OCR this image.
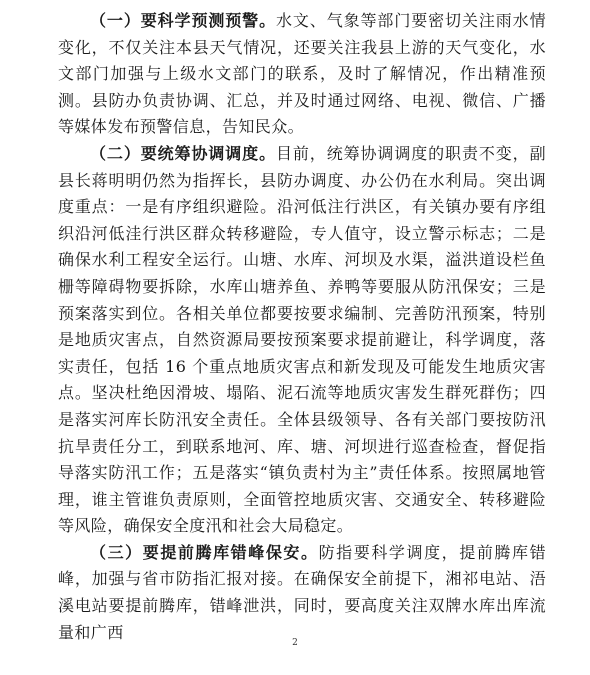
（一）要科学预测预警。水文、气象等部门要密切关注雨水情变化，不仅关注本县天气情况，还要关注我县上游的天气变化，水文部门加强与上级水文部门的联系，及时了解情况，作出精准预测。县防办负责协调、汇总，并及时通过网络、电视、微信、广播等媒体发布预警信息，告知民众。

（二）要统筹协调调度。目前，统筹协调调度的职责不变，副县长蒋明明仍然为指挥长，县防办调度、办公仍在水利局。突出调度重点：一是有序组织避险。沿河低注行洪区，有关镇办要有序组织沿河低洼行洪区群众转移避险，专人值守，设立警示标志；二是确保水利工程安全运行。山塘、水库、河坝及水渠，溢洪道设栏鱼栅等障碍物要拆除，水库山塘养鱼、养鸭等要服从防汛保安；三是预案落实到位。各相关单位都要按要求编制、完善防汛预案，特别是地质灾害点，自然资源局要按预案要求提前避让，科学调度，落实责任，包括 16 个重点地质灾害点和新发现及可能发生地质灾害点。坚决杜绝因滑坡、塌陷、泥石流等地质灾害发生群死群伤；四是落实河库长防汛安全责任。全体县级领导、各有关部门要按防汛抗旱责任分工，到联系地河、库、塘、河坝进行巡查检查，督促指导落实防汛工作；五是落实“镇负责村为主”责任体系。按照属地管理，谁主管谁负责原则，全面管控地质灾害、交通安全、转移避险等风险，确保安全度汛和社会大局稳定。

（三）要提前腾库错峰保安。防指要科学调度，提前腾库错峰，加强与省市防指汇报对接。在确保安全前提下，湘祁电站、浯溪电站要提前腾库，错峰泄洪，同时，要高度关注双牌水库出库流量和广西

2
